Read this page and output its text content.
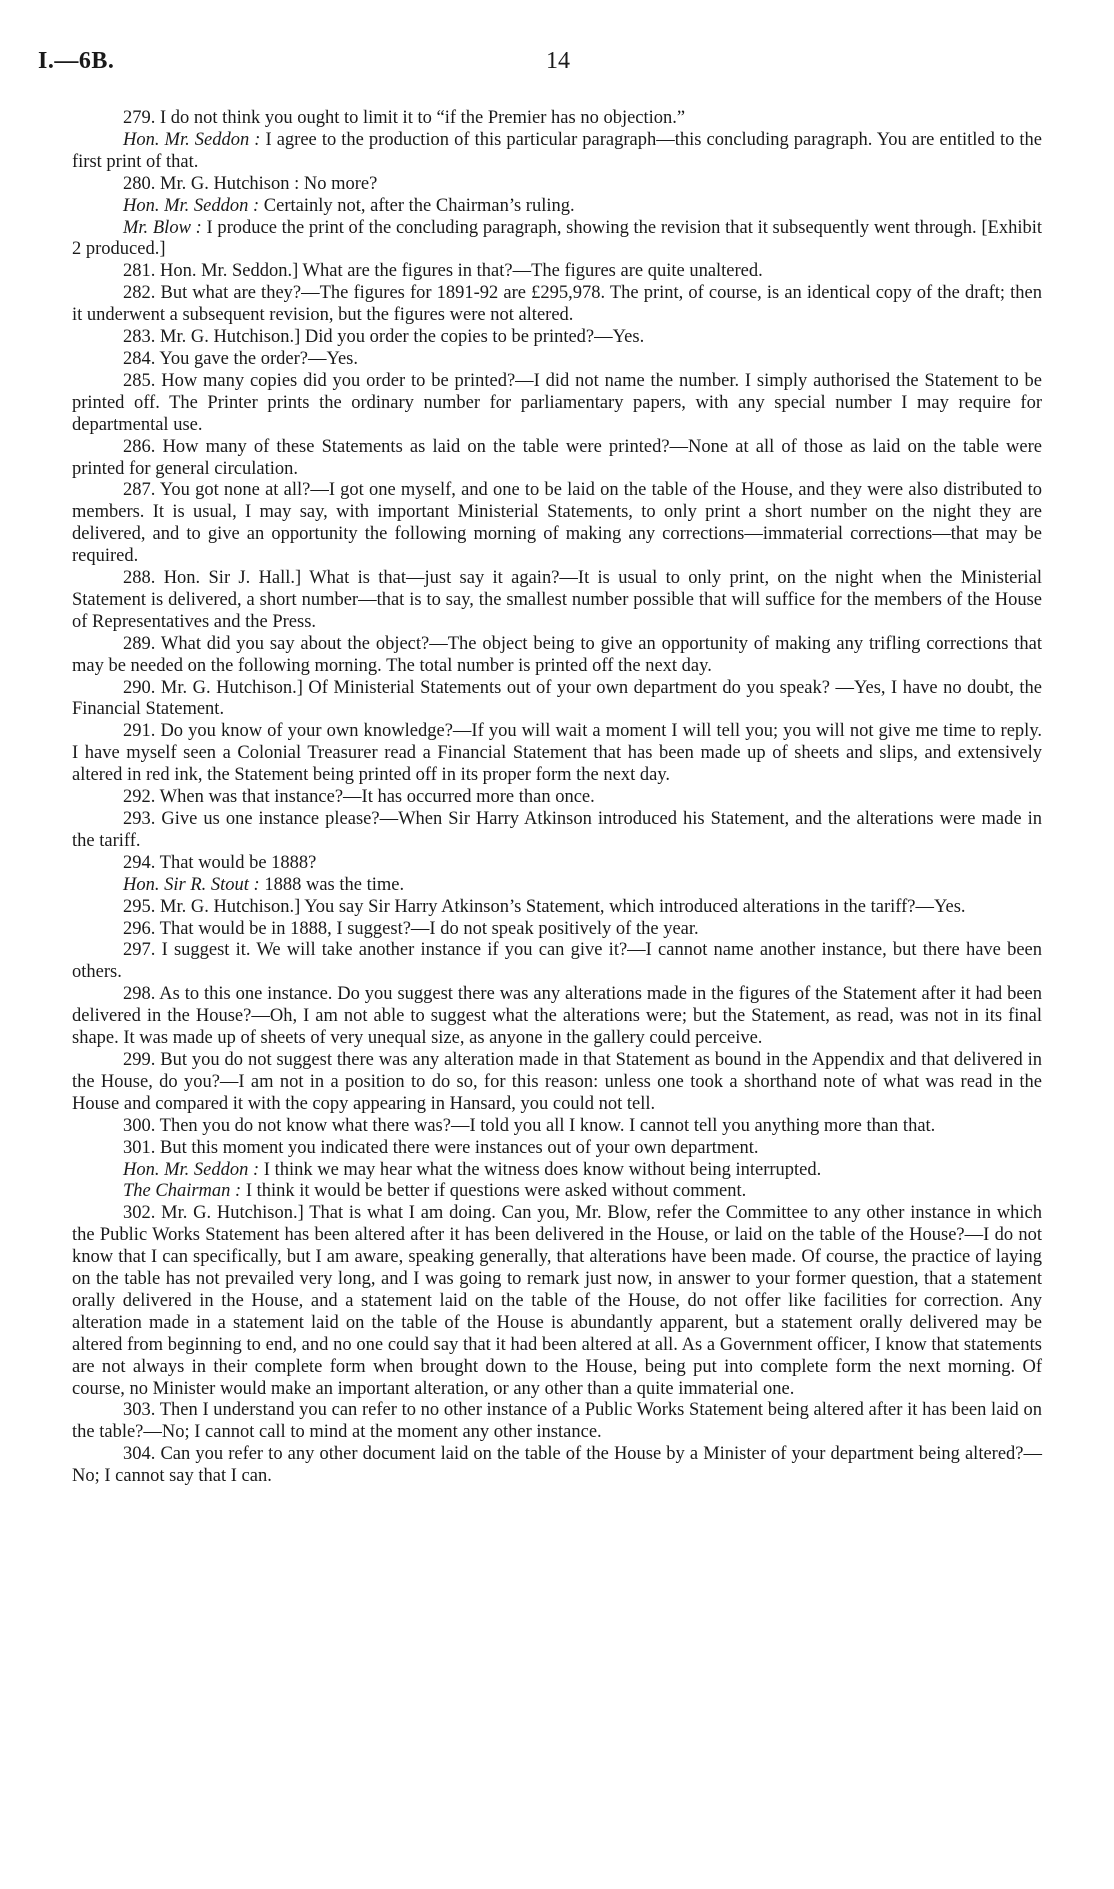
I.—6B.	14

279. I do not think you ought to limit it to “if the Premier has no objection.”

Hon. Mr. Seddon : I agree to the production of this particular paragraph—this concluding paragraph. You are entitled to the first print of that.

280. Mr. G. Hutchison : No more?

Hon. Mr. Seddon : Certainly not, after the Chairman’s ruling.

Mr. Blow : I produce the print of the concluding paragraph, showing the revision that it subsequently went through. [Exhibit 2 produced.]

281. Hon. Mr. Seddon.] What are the figures in that?—The figures are quite unaltered.

282. But what are they?—The figures for 1891-92 are £295,978. The print, of course, is an identical copy of the draft; then it underwent a subsequent revision, but the figures were not altered.

283. Mr. G. Hutchison.] Did you order the copies to be printed?—Yes.

284. You gave the order?—Yes.

285. How many copies did you order to be printed?—I did not name the number. I simply authorised the Statement to be printed off. The Printer prints the ordinary number for parliamentary papers, with any special number I may require for departmental use.

286. How many of these Statements as laid on the table were printed?—None at all of those as laid on the table were printed for general circulation.

287. You got none at all?—I got one myself, and one to be laid on the table of the House, and they were also distributed to members. It is usual, I may say, with important Ministerial Statements, to only print a short number on the night they are delivered, and to give an opportunity the following morning of making any corrections—immaterial corrections—that may be required.

288. Hon. Sir J. Hall.] What is that—just say it again?—It is usual to only print, on the night when the Ministerial Statement is delivered, a short number—that is to say, the smallest number possible that will suffice for the members of the House of Representatives and the Press.

289. What did you say about the object?—The object being to give an opportunity of making any trifling corrections that may be needed on the following morning. The total number is printed off the next day.

290. Mr. G. Hutchison.] Of Ministerial Statements out of your own department do you speak? —Yes, I have no doubt, the Financial Statement.

291. Do you know of your own knowledge?—If you will wait a moment I will tell you; you will not give me time to reply. I have myself seen a Colonial Treasurer read a Financial Statement that has been made up of sheets and slips, and extensively altered in red ink, the Statement being printed off in its proper form the next day.

292. When was that instance?—It has occurred more than once.

293. Give us one instance please?—When Sir Harry Atkinson introduced his Statement, and the alterations were made in the tariff.

294. That would be 1888?

Hon. Sir R. Stout : 1888 was the time.

295. Mr. G. Hutchison.] You say Sir Harry Atkinson’s Statement, which introduced alterations in the tariff?—Yes.

296. That would be in 1888, I suggest?—I do not speak positively of the year.

297. I suggest it. We will take another instance if you can give it?—I cannot name another instance, but there have been others.

298. As to this one instance. Do you suggest there was any alterations made in the figures of the Statement after it had been delivered in the House?—Oh, I am not able to suggest what the alterations were; but the Statement, as read, was not in its final shape. It was made up of sheets of very unequal size, as anyone in the gallery could perceive.

299. But you do not suggest there was any alteration made in that Statement as bound in the Appendix and that delivered in the House, do you?—I am not in a position to do so, for this reason: unless one took a shorthand note of what was read in the House and compared it with the copy appearing in Hansard, you could not tell.

300. Then you do not know what there was?—I told you all I know. I cannot tell you anything more than that.

301. But this moment you indicated there were instances out of your own department.

Hon. Mr. Seddon : I think we may hear what the witness does know without being interrupted.

The Chairman : I think it would be better if questions were asked without comment.

302. Mr. G. Hutchison.] That is what I am doing. Can you, Mr. Blow, refer the Committee to any other instance in which the Public Works Statement has been altered after it has been delivered in the House, or laid on the table of the House?—I do not know that I can specifically, but I am aware, speaking generally, that alterations have been made. Of course, the practice of laying on the table has not prevailed very long, and I was going to remark just now, in answer to your former question, that a statement orally delivered in the House, and a statement laid on the table of the House, do not offer like facilities for correction. Any alteration made in a statement laid on the table of the House is abundantly apparent, but a statement orally delivered may be altered from beginning to end, and no one could say that it had been altered at all. As a Government officer, I know that statements are not always in their complete form when brought down to the House, being put into complete form the next morning. Of course, no Minister would make an important alteration, or any other than a quite immaterial one.

303. Then I understand you can refer to no other instance of a Public Works Statement being altered after it has been laid on the table?—No; I cannot call to mind at the moment any other instance.

304. Can you refer to any other document laid on the table of the House by a Minister of your department being altered?—No; I cannot say that I can.
